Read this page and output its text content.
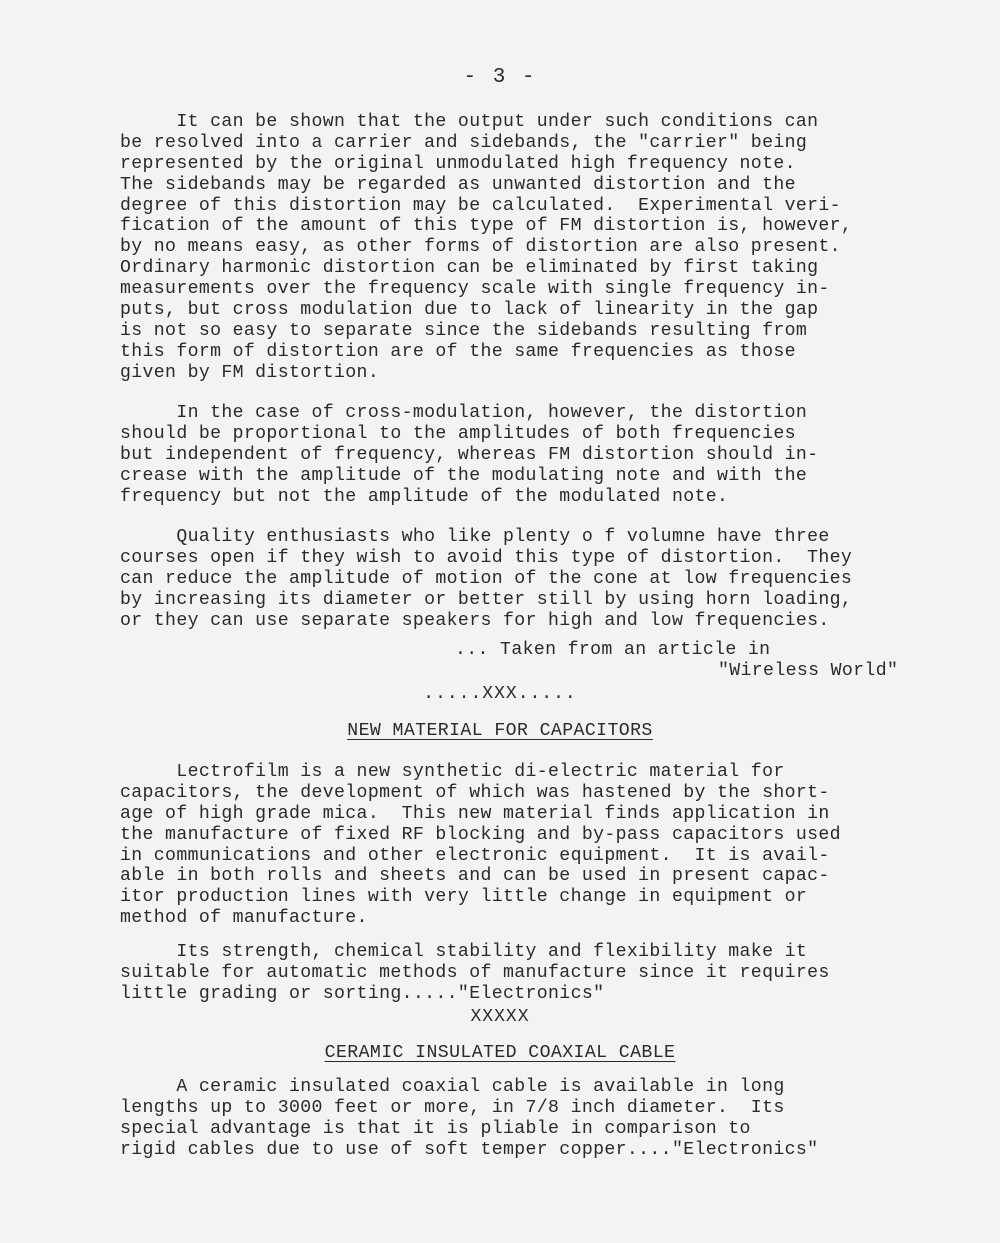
- 3 -
It can be shown that the output under such conditions can
be resolved into a carrier and sidebands, the "carrier" being
represented by the original unmodulated high frequency note.
The sidebands may be regarded as unwanted distortion and the
degree of this distortion may be calculated.  Experimental veri-
fication of the amount of this type of FM distortion is, however,
by no means easy, as other forms of distortion are also present.
Ordinary harmonic distortion can be eliminated by first taking
measurements over the frequency scale with single frequency in-
puts, but cross modulation due to lack of linearity in the gap
is not so easy to separate since the sidebands resulting from
this form of distortion are of the same frequencies as those
given by FM distortion.
In the case of cross-modulation, however, the distortion
should be proportional to the amplitudes of both frequencies
but independent of frequency, whereas FM distortion should in-
crease with the amplitude of the modulating note and with the
frequency but not the amplitude of the modulated note.
Quality enthusiasts who like plenty o f volumne have three
courses open if they wish to avoid this type of distortion.  They
can reduce the amplitude of motion of the cone at low frequencies
by increasing its diameter or better still by using horn loading,
or they can use separate speakers for high and low frequencies.
... Taken from an article in
"Wireless World"
.....XXX.....
NEW MATERIAL FOR CAPACITORS
Lectrofilm is a new synthetic di-electric material for
capacitors, the development of which was hastened by the short-
age of high grade mica.  This new material finds application in
the manufacture of fixed RF blocking and by-pass capacitors used
in communications and other electronic equipment.  It is avail-
able in both rolls and sheets and can be used in present capac-
itor production lines with very little change in equipment or
method of manufacture.
Its strength, chemical stability and flexibility make it
suitable for automatic methods of manufacture since it requires
little grading or sorting....."Electronics"
XXXXX
CERAMIC INSULATED COAXIAL CABLE
A ceramic insulated coaxial cable is available in long
lengths up to 3000 feet or more, in 7/8 inch diameter.  Its
special advantage is that it is pliable in comparison to
rigid cables due to use of soft temper copper...."Electronics"
